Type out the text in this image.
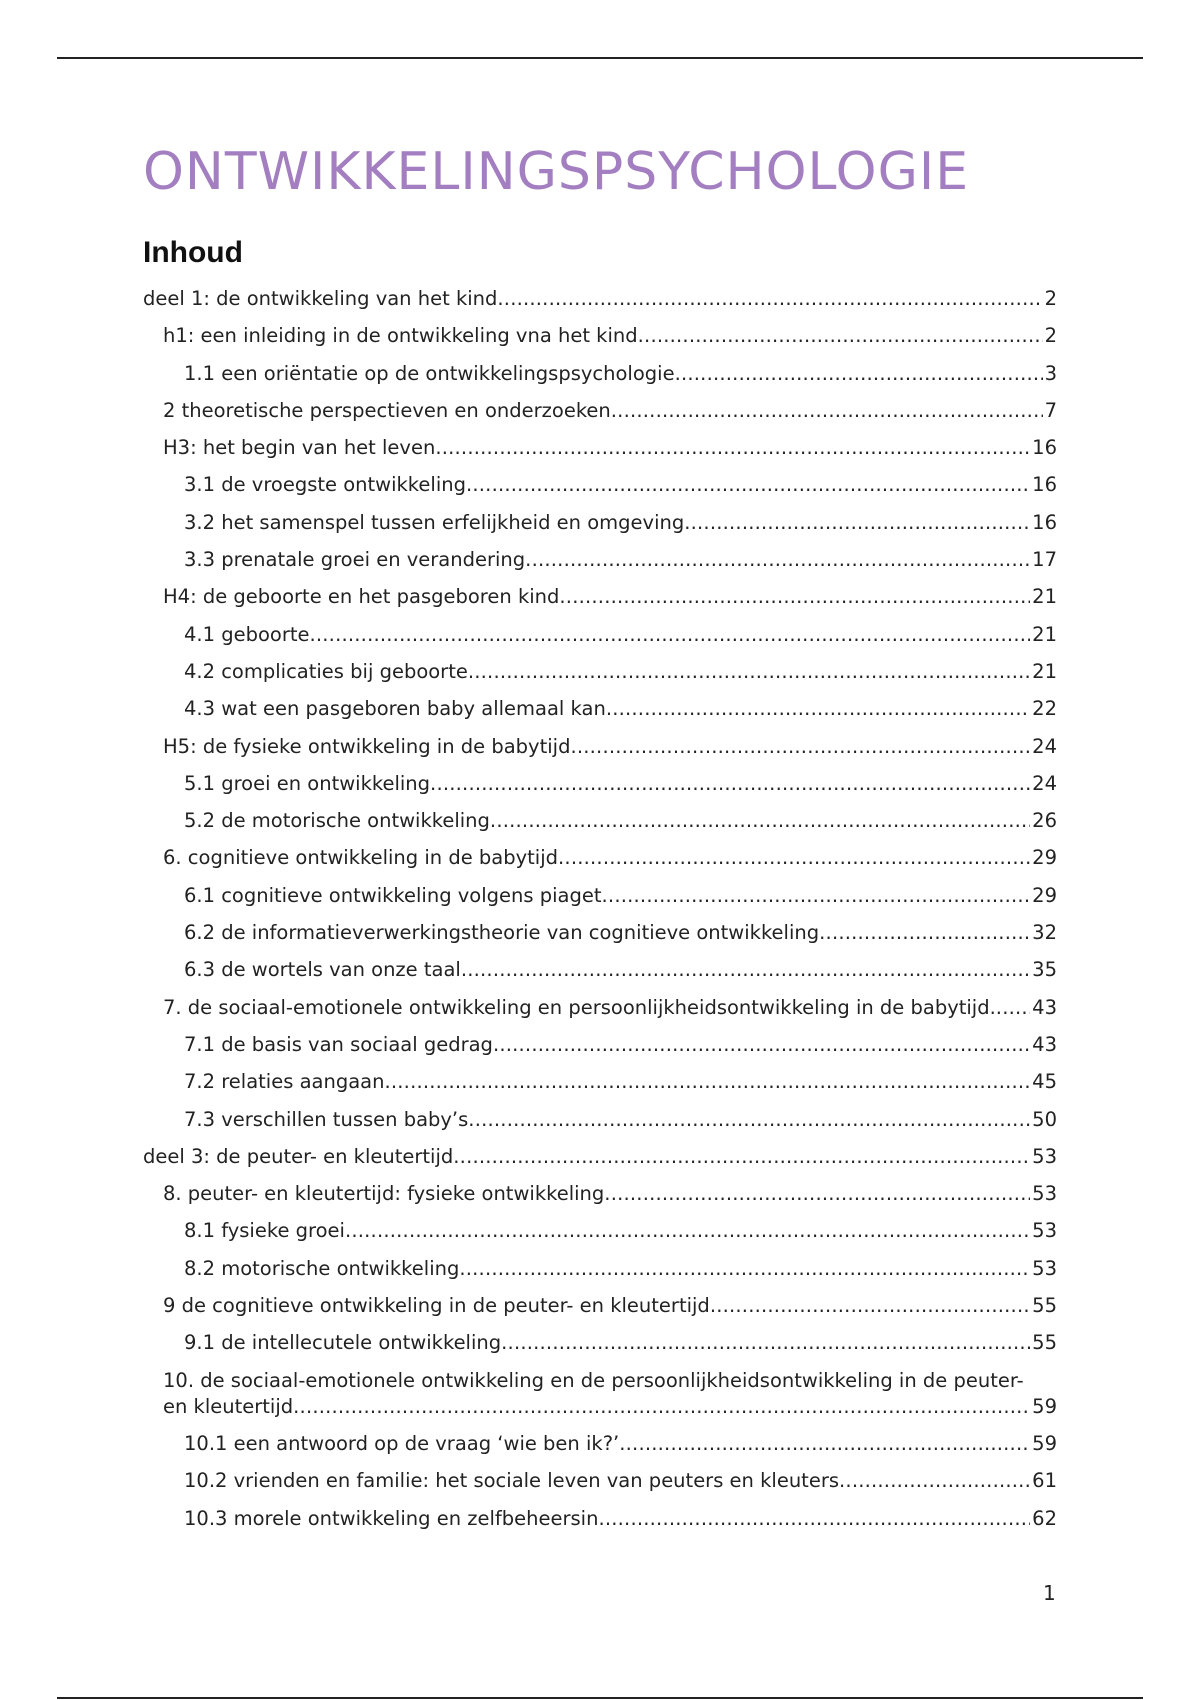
ONTWIKKELINGSPSYCHOLOGIE
Inhoud
deel 1: de ontwikkeling van het kind .....	2
h1: een inleiding in de ontwikkeling vna het kind .....	2
1.1 een oriëntatie op de ontwikkelingspsychologie .....	3
2 theoretische perspectieven en onderzoeken .....	7
H3: het begin van het leven .....	16
3.1 de vroegste ontwikkeling .....	16
3.2 het samenspel tussen erfelijkheid en omgeving .....	16
3.3 prenatale groei en verandering .....	17
H4: de geboorte en het pasgeboren kind .....	21
4.1 geboorte .....	21
4.2 complicaties bij geboorte .....	21
4.3 wat een pasgeboren baby allemaal kan .....	22
H5: de fysieke ontwikkeling in de babytijd .....	24
5.1 groei en ontwikkeling .....	24
5.2 de motorische ontwikkeling .....	26
6. cognitieve ontwikkeling in de babytijd .....	29
6.1 cognitieve ontwikkeling volgens piaget .....	29
6.2 de informatieverwerkingstheorie van cognitieve ontwikkeling .....	32
6.3 de wortels van onze taal .....	35
7. de sociaal-emotionele ontwikkeling en persoonlijkheidsontwikkeling in de babytijd. ..... 43
7.1 de basis van sociaal gedrag .....	43
7.2 relaties aangaan .....	45
7.3 verschillen tussen baby’s .....	50
deel 3: de peuter- en kleutertijd .....	53
8. peuter- en kleutertijd: fysieke ontwikkeling .....	53
8.1 fysieke groei .....	53
8.2 motorische ontwikkeling .....	53
9 de cognitieve ontwikkeling in de peuter- en kleutertijd .....	55
9.1 de intellecutele ontwikkeling .....	55
10. de sociaal-emotionele ontwikkeling en de persoonlijkheidsontwikkeling in de peuter-
en kleutertijd .....	59
10.1 een antwoord op de vraag ‘wie ben ik?’ .....	59
10.2 vrienden en familie: het sociale leven van peuters en kleuters .....	61
10.3 morele ontwikkeling en zelfbeheersin .....	62
1
